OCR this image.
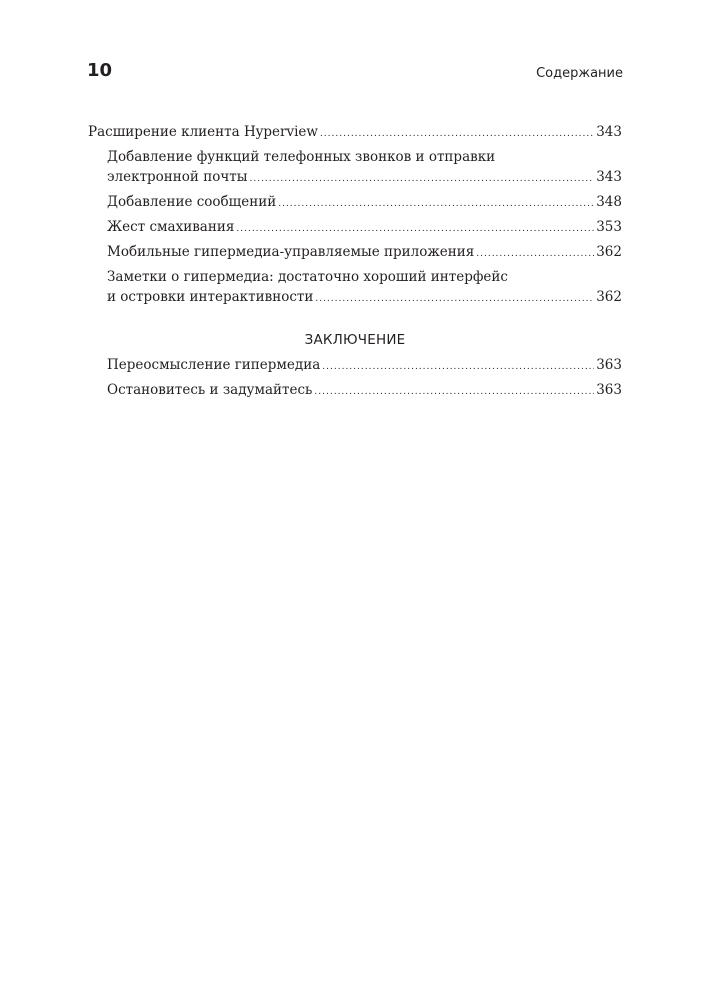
10	Содержание
Расширение клиента Hyperview .....	343
Добавление функций телефонных звонков и отправки
электронной почты .....	343
Добавление сообщений .....	348
Жест смахивания .....	353
Мобильные гипермедиа-управляемые приложения .....	362
Заметки о гипермедиа: достаточно хороший интерфейс
и островки интерактивности .....	362
ЗАКЛЮЧЕНИЕ
Переосмысление гипермедиа .....	363
Остановитесь и задумайтесь .....	363
